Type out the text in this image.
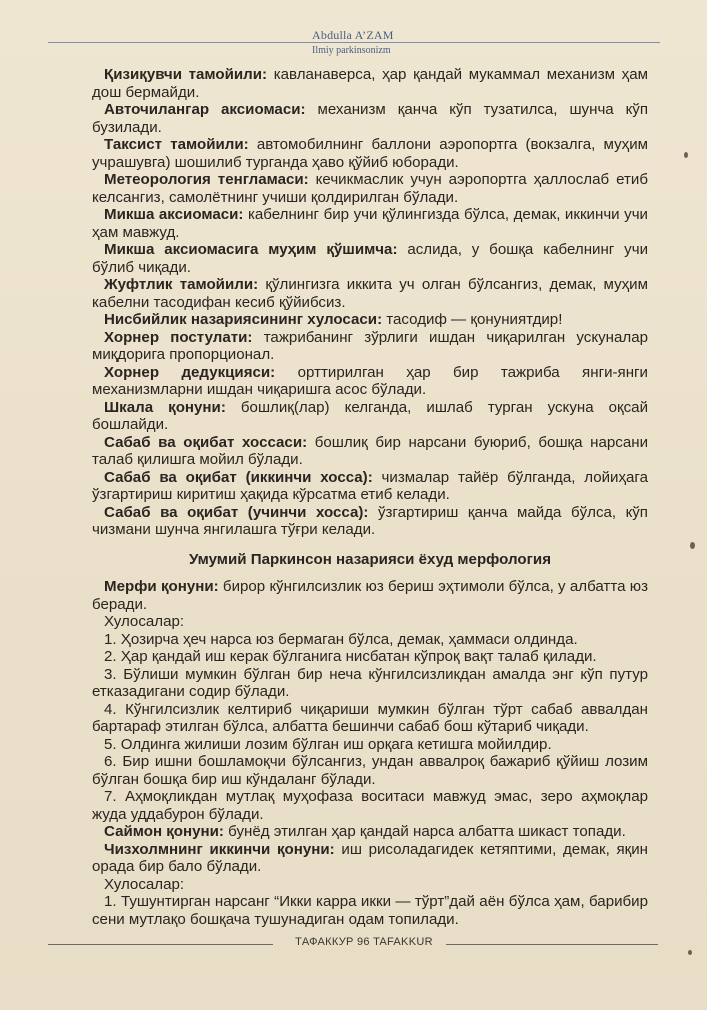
Abdulla A’ZAM
Ilmiy parkinsonizm

Қизиқувчи тамойили: кавланаверса, ҳар қандай мукаммал механизм ҳам дош бермайди.

Авточилангар аксиомаси: механизм қанча кўп тузатилса, шунча кўп бузилади.

Таксист тамойили: автомобилнинг баллони аэропортга (вокзалга, муҳим учрашувга) шошилиб турганда ҳаво қўйиб юборади.

Метеорология тенгламаси: кечикмаслик учун аэропортга ҳаллослаб етиб келсангиз, самолётнинг учиши қолдирилган бўлади.

Микша аксиомаси: кабелнинг бир учи қўлингизда бўлса, демак, иккинчи учи ҳам мавжуд.

Микша аксиомасига муҳим қўшимча: аслида, у бошқа кабелнинг учи бўлиб чиқади.

Жуфтлик тамойили: қўлингизга иккита уч олган бўлсангиз, демак, муҳим кабелни тасодифан кесиб қўйибсиз.

Нисбийлик назариясининг хулосаси: тасодиф — қонуниятдир!

Хорнер постулати: тажрибанинг зўрлиги ишдан чиқарилган ускуналар миқдорига пропорционал.

Хорнер дедукцияси: орттирилган ҳар бир тажриба янги-янги механизмларни ишдан чиқаришга асос бўлади.

Шкала қонуни: бошлиқ(лар) келганда, ишлаб турган ускуна оқсай бошлайди.

Сабаб ва оқибат хоссаси: бошлиқ бир нарсани буюриб, бошқа нарсани талаб қилишга мойил бўлади.

Сабаб ва оқибат (иккинчи хосса): чизмалар тайёр бўлганда, лойиҳага ўзгартириш киритиш ҳақида кўрсатма етиб келади.

Сабаб ва оқибат (учинчи хосса): ўзгартириш қанча майда бўлса, кўп чизмани шунча янгилашга тўғри келади.

Умумий Паркинсон назарияси ёхуд мерфология

Мерфи қонуни: бирор кўнгилсизлик юз бериш эҳтимоли бўлса, у албатта юз беради.

Хулосалар:

1. Ҳозирча ҳеч нарса юз бермаган бўлса, демак, ҳаммаси олдинда.

2. Ҳар қандай иш керак бўлганига нисбатан кўпроқ вақт талаб қилади.

3. Бўлиши мумкин бўлган бир неча кўнгилсизликдан амалда энг кўп путур етказадигани содир бўлади.

4. Кўнгилсизлик келтириб чиқариши мумкин бўлган тўрт сабаб аввалдан бартараф этилган бўлса, албатта бешинчи сабаб бош кўтариб чиқади.

5. Олдинга жилиши лозим бўлган иш орқага кетишга мойилдир.

6. Бир ишни бошламоқчи бўлсангиз, ундан аввалроқ бажариб қўйиш лозим бўлган бошқа бир иш кўндаланг бўлади.

7. Аҳмоқликдан мутлақ муҳофаза воситаси мавжуд эмас, зеро аҳмоқлар жуда уддабурон бўлади.

Саймон қонуни: бунёд этилган ҳар қандай нарса албатта шикаст топади.

Чизхолмнинг иккинчи қонуни: иш рисоладагидек кетяптими, демак, яқин орада бир бало бўлади.

Хулосалар:

1. Тушунтирган нарсанг “Икки карра икки — тўрт”дай аён бўлса ҳам, барибир сени мутлақо бошқача тушунадиган одам топилади.

ТАФАККУР 96 TAFAKKUR
